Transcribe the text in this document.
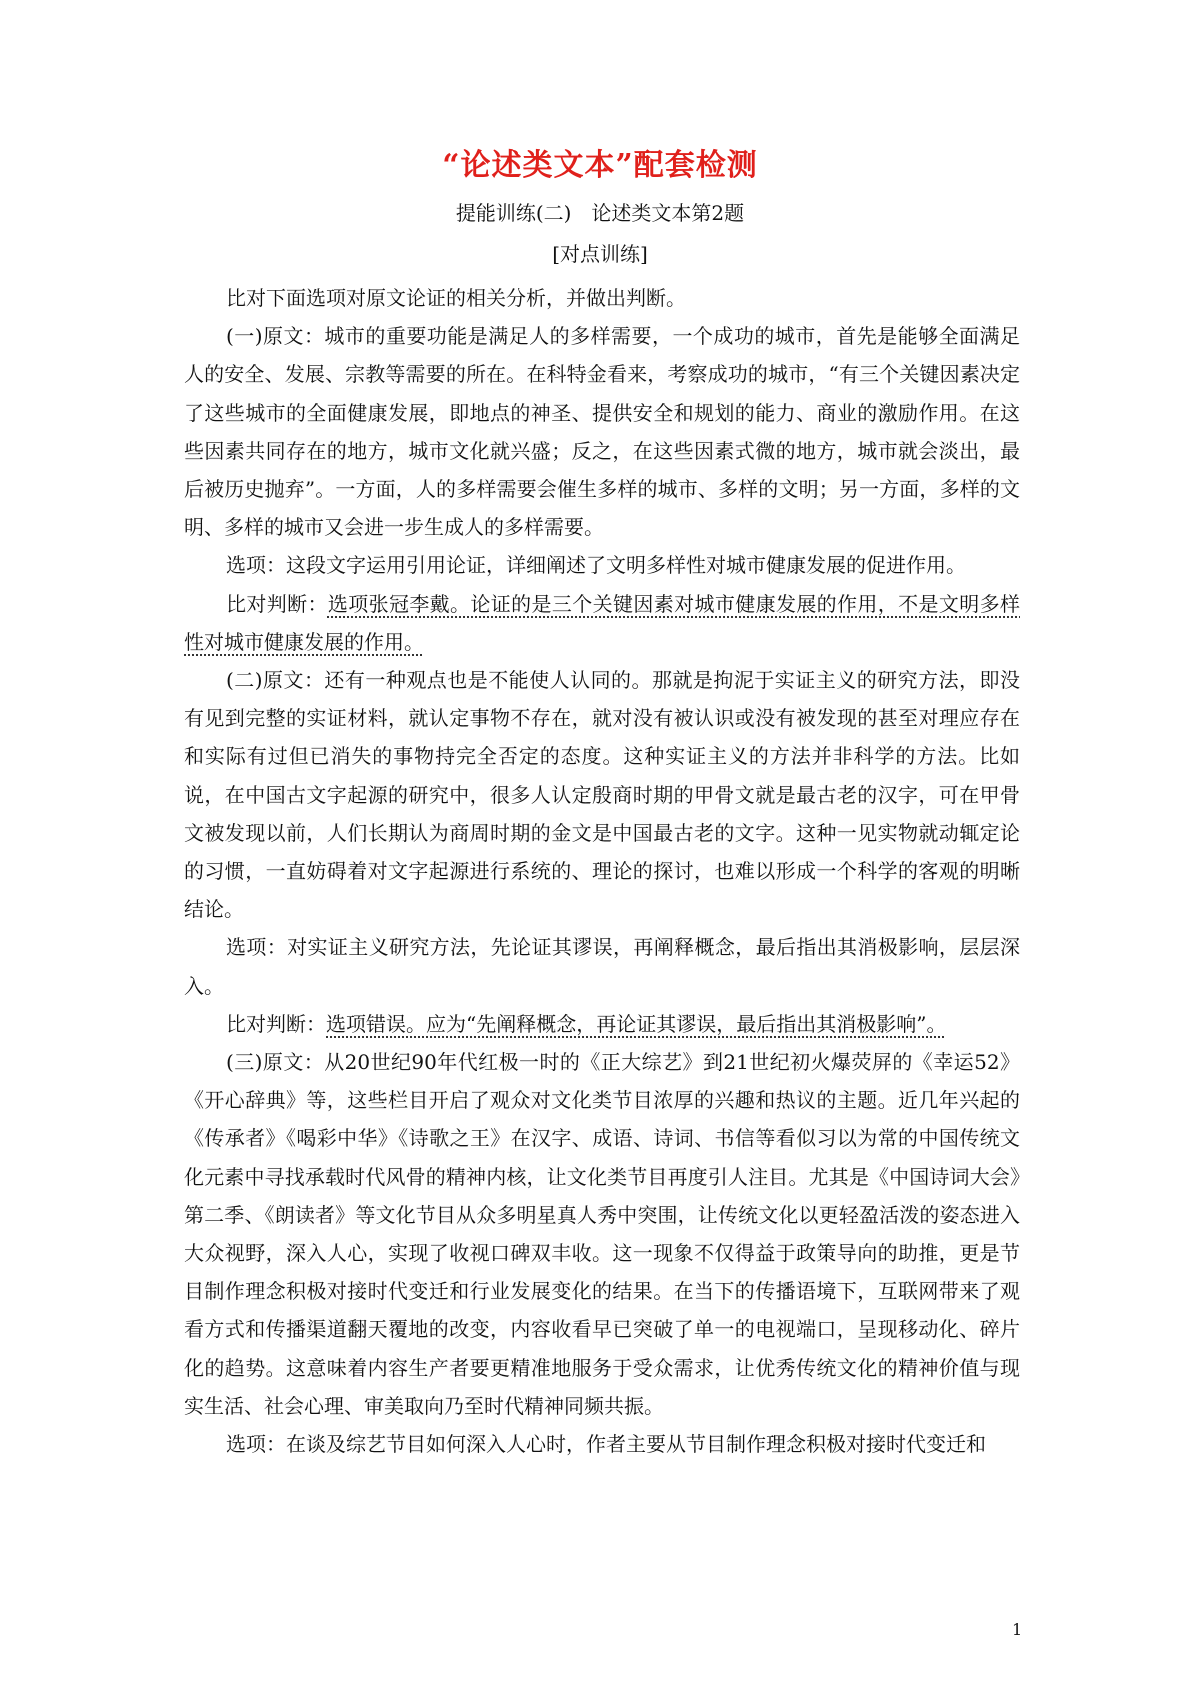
“论述类文本”配套检测
提能训练(二)　论述类文本第2题
[对点训练]

比对下面选项对原文论证的相关分析，并做出判断。

(一)原文：城市的重要功能是满足人的多样需要，一个成功的城市，首先是能够全面满足人的安全、发展、宗教等需要的所在。在科特金看来，考察成功的城市，“有三个关键因素决定了这些城市的全面健康发展，即地点的神圣、提供安全和规划的能力、商业的激励作用。在这些因素共同存在的地方，城市文化就兴盛；反之，在这些因素式微的地方，城市就会淡出，最后被历史抛弃”。一方面，人的多样需要会催生多样的城市、多样的文明；另一方面，多样的文明、多样的城市又会进一步生成人的多样需要。

选项：这段文字运用引用论证，详细阐述了文明多样性对城市健康发展的促进作用。

比对判断：选项张冠李戴。论证的是三个关键因素对城市健康发展的作用，不是文明多样性对城市健康发展的作用。

(二)原文：还有一种观点也是不能使人认同的。那就是拘泥于实证主义的研究方法，即没有见到完整的实证材料，就认定事物不存在，就对没有被认识或没有被发现的甚至对理应存在和实际有过但已消失的事物持完全否定的态度。这种实证主义的方法并非科学的方法。比如说，在中国古文字起源的研究中，很多人认定殷商时期的甲骨文就是最古老的汉字，可在甲骨文被发现以前，人们长期认为商周时期的金文是中国最古老的文字。这种一见实物就动辄定论的习惯，一直妨碍着对文字起源进行系统的、理论的探讨，也难以形成一个科学的客观的明晰结论。

选项：对实证主义研究方法，先论证其谬误，再阐释概念，最后指出其消极影响，层层深入。

比对判断：选项错误。应为“先阐释概念，再论证其谬误，最后指出其消极影响”。

(三)原文：从20世纪90年代红极一时的《正大综艺》到21世纪初火爆荧屏的《幸运52》《开心辞典》等，这些栏目开启了观众对文化类节目浓厚的兴趣和热议的主题。近几年兴起的《传承者》《喝彩中华》《诗歌之王》在汉字、成语、诗词、书信等看似习以为常的中国传统文化元素中寻找承载时代风骨的精神内核，让文化类节目再度引人注目。尤其是《中国诗词大会》第二季、《朗读者》等文化节目从众多明星真人秀中突围，让传统文化以更轻盈活泼的姿态进入大众视野，深入人心，实现了收视口碑双丰收。这一现象不仅得益于政策导向的助推，更是节目制作理念积极对接时代变迁和行业发展变化的结果。在当下的传播语境下，互联网带来了观看方式和传播渠道翻天覆地的改变，内容收看早已突破了单一的电视端口，呈现移动化、碎片化的趋势。这意味着内容生产者要更精准地服务于受众需求，让优秀传统文化的精神价值与现实生活、社会心理、审美取向乃至时代精神同频共振。

选项：在谈及综艺节目如何深入人心时，作者主要从节目制作理念积极对接时代变迁和

1
